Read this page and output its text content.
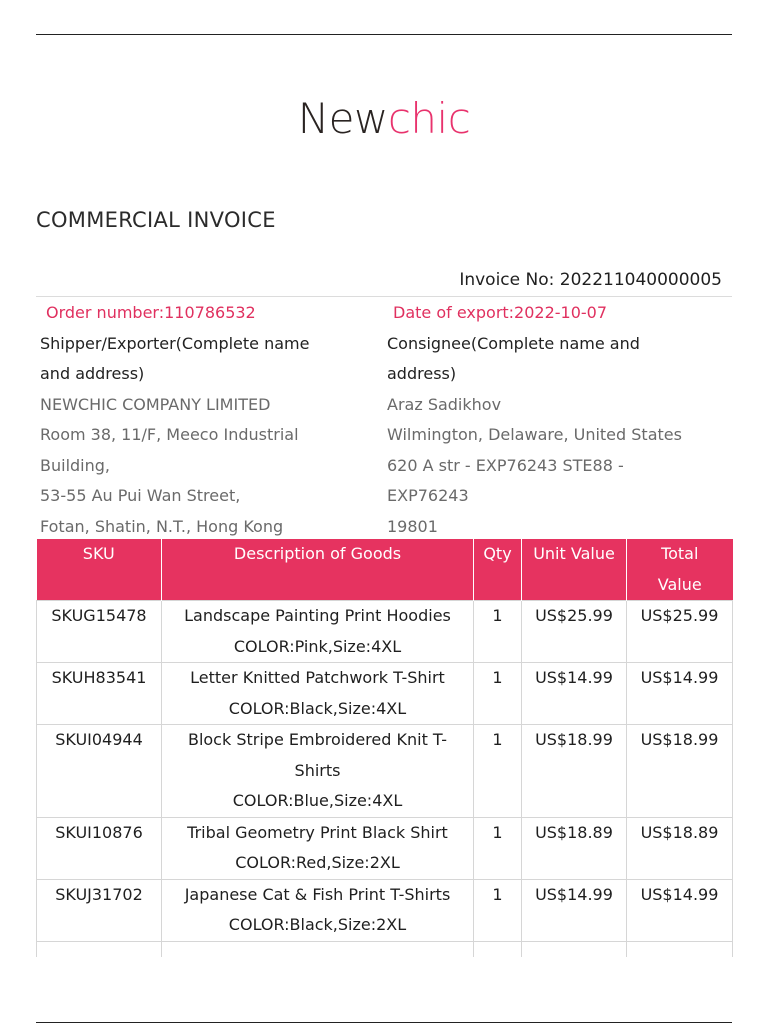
Newchic
COMMERCIAL INVOICE
Invoice No: 202211040000005
Order number:110786532
Shipper/Exporter(Complete name
and address)
NEWCHIC COMPANY LIMITED
Room 38, 11/F, Meeco Industrial
Building,
53-55 Au Pui Wan Street,
Fotan, Shatin, N.T., Hong Kong
Date of export:2022-10-07
Consignee(Complete name and
address)
Araz Sadikhov
Wilmington, Delaware, United States
620 A str - EXP76243 STE88 -
EXP76243
19801
SKU	Description of Goods	Qty	Unit Value	Total
Value

SKUG15478	Landscape Painting Print Hoodies
COLOR:Pink,Size:4XL	1	US$25.99	US$25.99
SKUH83541	Letter Knitted Patchwork T-Shirt
COLOR:Black,Size:4XL	1	US$14.99	US$14.99
SKUI04944	Block Stripe Embroidered Knit T-
Shirts
COLOR:Blue,Size:4XL	1	US$18.99	US$18.99
SKUI10876	Tribal Geometry Print Black Shirt
COLOR:Red,Size:2XL	1	US$18.89	US$18.89
SKUJ31702	Japanese Cat & Fish Print T-Shirts
COLOR:Black,Size:2XL	1	US$14.99	US$14.99
